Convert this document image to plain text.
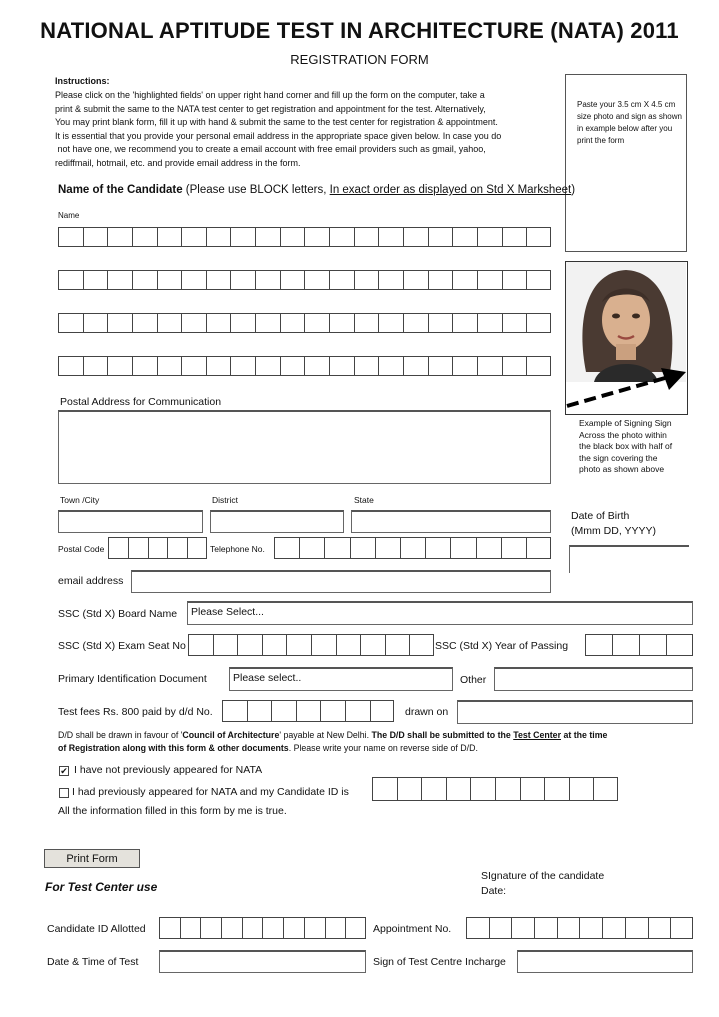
NATIONAL APTITUDE TEST IN ARCHITECTURE (NATA) 2011
REGISTRATION FORM
Instructions:
Please click on the 'highlighted fields' on upper right hand corner and fill up the form on the computer, take a
print & submit the same to the NATA test center to get registration and appointment for the test. Alternatively,
You may print blank form, fill it up with hand & submit the same to the test center for registration & appointment.
It is essential that you provide your personal email address in the appropriate space given below. In case you do
not have one, we recommend you to create a email account with free email providers such as gmail, yahoo,
rediffmail, hotmail, etc. and provide email address in the form.
Paste your 3.5 cm X 4.5 cm size photo and sign as shown in example below after you print the form
Example of Signing Sign Across the photo within the black box with half of the sign covering the photo as shown above
Name of the Candidate (Please use BLOCK letters, In exact order as displayed on Std X Marksheet)
Name
Postal Address for Communication
Town /City	District	State
Date of Birth
(Mmm DD, YYYY)
Postal Code	Telephone No.
email address
SSC (Std X) Board Name Please Select...
SSC (Std X) Exam Seat No	SSC (Std X) Year of Passing
Primary Identification Document Please select..	Other
Test fees Rs. 800 paid by d/d No.	drawn on
D/D shall be drawn in favour of 'Council of Architecture' payable at New Delhi. The D/D shall be submitted to the Test Center at the time
of Registration along with this form & other documents. Please write your name on reverse side of D/D.
✔ I have not previously appeared for NATA
I had previously appeared for NATA and my Candidate ID is
All the information filled in this form by me is true.
Print Form
SIgnature of the candidate
Date:
For Test Center use
Candidate ID Allotted	Appointment No.
Date & Time of Test	Sign of Test Centre Incharge
